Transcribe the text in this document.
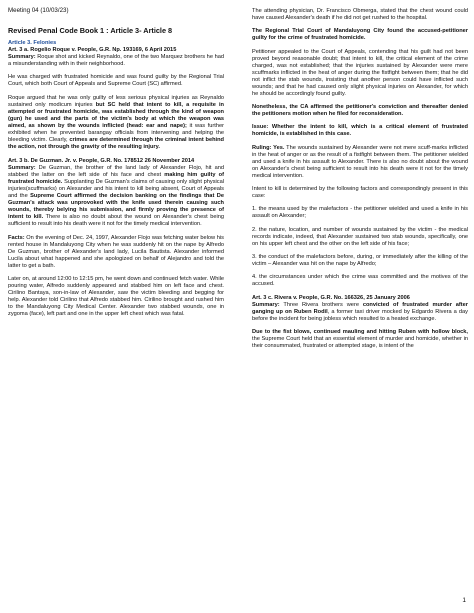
Meeting 04 (10/03/23)
Revised Penal Code Book 1 : Article 3- Article 8
Article 3. Felonies
Art. 3 a. Rogelio Roque v. People, G.R. Np. 193169, 6 April 2015

Summary: Roque shot and kicked Reynaldo, one of the two Marquez brothers he had a misunderstanding with in their neighborhood.

He was charged with frustrated homicide and was found guilty by the Regional Trial Court, which both Court of Appeals and Supreme Court (SC) affirmed.

Roque argued that he was only guilty of less serious physical injuries as Reynaldo sustained only modicum injuries but SC held that intent to kill, a requisite in attempted or frustrated homicide, was established through the kind of weapon (gun) he used and the parts of the victim's body at which the weapon was aimed, as shown by the wounds inflicted (head: ear and nape); it was further exhibited when he prevented barangay officials from intervening and helping the bleeding victim. Clearly, crimes are determined through the criminal intent behind the action, not through the gravity of the resulting injury.

Art. 3 b. De Guzman. Jr. v. People, G.R. No. 178512 26 November 2014

Summary: De Guzman, the brother of the land lady of Alexander Flojo, hit and stabbed the latter on the left side of his face and chest making him guilty of frustrated homicide. Supplanting De Guzman's claims of causing only slight physical injuries(scuffmarks) on Alexander and his intent to kill being absent, Court of Appeals and the Supreme Court affirmed the decision banking on the findings that De Guzman's attack was unprovoked with the knife used therein causing such wounds, thereby belying his submission, and firmly proving the presence of intent to kill. There is also no doubt about the wound on Alexander's chest being sufficient to result into his death were it not for the timely medical intervention.

Facts: On the evening of Dec. 24, 1997, Alexander Flojo was fetching water below his rented house in Mandaluyong City when he was suddenly hit on the nape by Alfredo De Guzman, brother of Alexander's land lady, Lucila Bautista. Alexander informed Lucila about what happened and she apologized on behalf of Alejandro and told the latter to get a bath.

Later on, at around 12:00 to 12:15 pm, he went down and continued fetch water. While pouring water, Alfredo suddenly appeared and stabbed him on left face and chest. Cirilino Bantaya, son-in-law of Alexander, saw the victim bleeding and begging for help. Alexander told Cirilino that Alfredo stabbed him. Cirilino brought and rushed him to the Mandaluyong City Medical Center. Alexander two stabbed wounds, one in zygoma (face), left part and one in the upper left chest which was fatal.

The attending physician, Dr. Francisco Obmerga, stated that the chest wound could have caused Alexander's death if he did not get rushed to the hospital.

The Regional Trial Court of Mandaluyong City found the accused-petitioner guilty for the crime of frustrated homicide.

Petitioner appealed to the Court of Appeals, contending that his guilt had not been proved beyond reasonable doubt; that intent to kill, the critical element of the crime charged, was not established; that the injuries sustained by Alexander were mere scuffmarks inflicted in the heat of anger during the fistfight between them; that he did not inflict the stab wounds, insisting that another person could have inflicted such wounds; and that he had caused only slight physical injuries on Alexander, for which he should be accordingly found guilty.

Nonetheless, the CA affirmed the petitioner's conviction and thereafter denied the petitioners motion when he filed for reconsideration.

Issue: Whether the intent to kill, which is a critical element of frustrated homicide, is established in this case.

Ruling: Yes. The wounds sustained by Alexander were not mere scuff-marks inflicted in the heat of anger or as the result of a fistfight between them. The petitioner wielded and used a knife in his assault to Alexander. There is also no doubt about the wound on Alexander's chest being sufficient to result into his death were it not for the timely medical intervention.

Intent to kill is determined by the following factors and correspondingly present in this case:

1. the means used by the malefactors - the petitioner wielded and used a knife in his assault on Alexander;

2. the nature, location, and number of wounds sustained by the victim - the medical records indicate, indeed, that Alexander sustained two stab wounds, specifically, one on his upper left chest and the other on the left side of his face;

3. the conduct of the malefactors before, during, or immediately after the killing of the victim – Alexander was hit on the nape by Alfredo;

4. the circumstances under which the crime was committed and the motives of the accused.

Art. 3 c. Rivera v. People, G.R. No. 166326, 25 January 2006

Summary: Three Rivera brothers were convicted of frustrated murder after ganging up on Ruben Rodil, a former taxi driver mocked by Edgardo Rivera a day before the incident for being jobless which resulted to a heated exchange.

Due to the fist blows, continued mauling and hitting Ruben with hollow block, the Supreme Court held that an essential element of murder and homicide, whether in their consummated, frustrated or attempted stage, is intent of the

1
